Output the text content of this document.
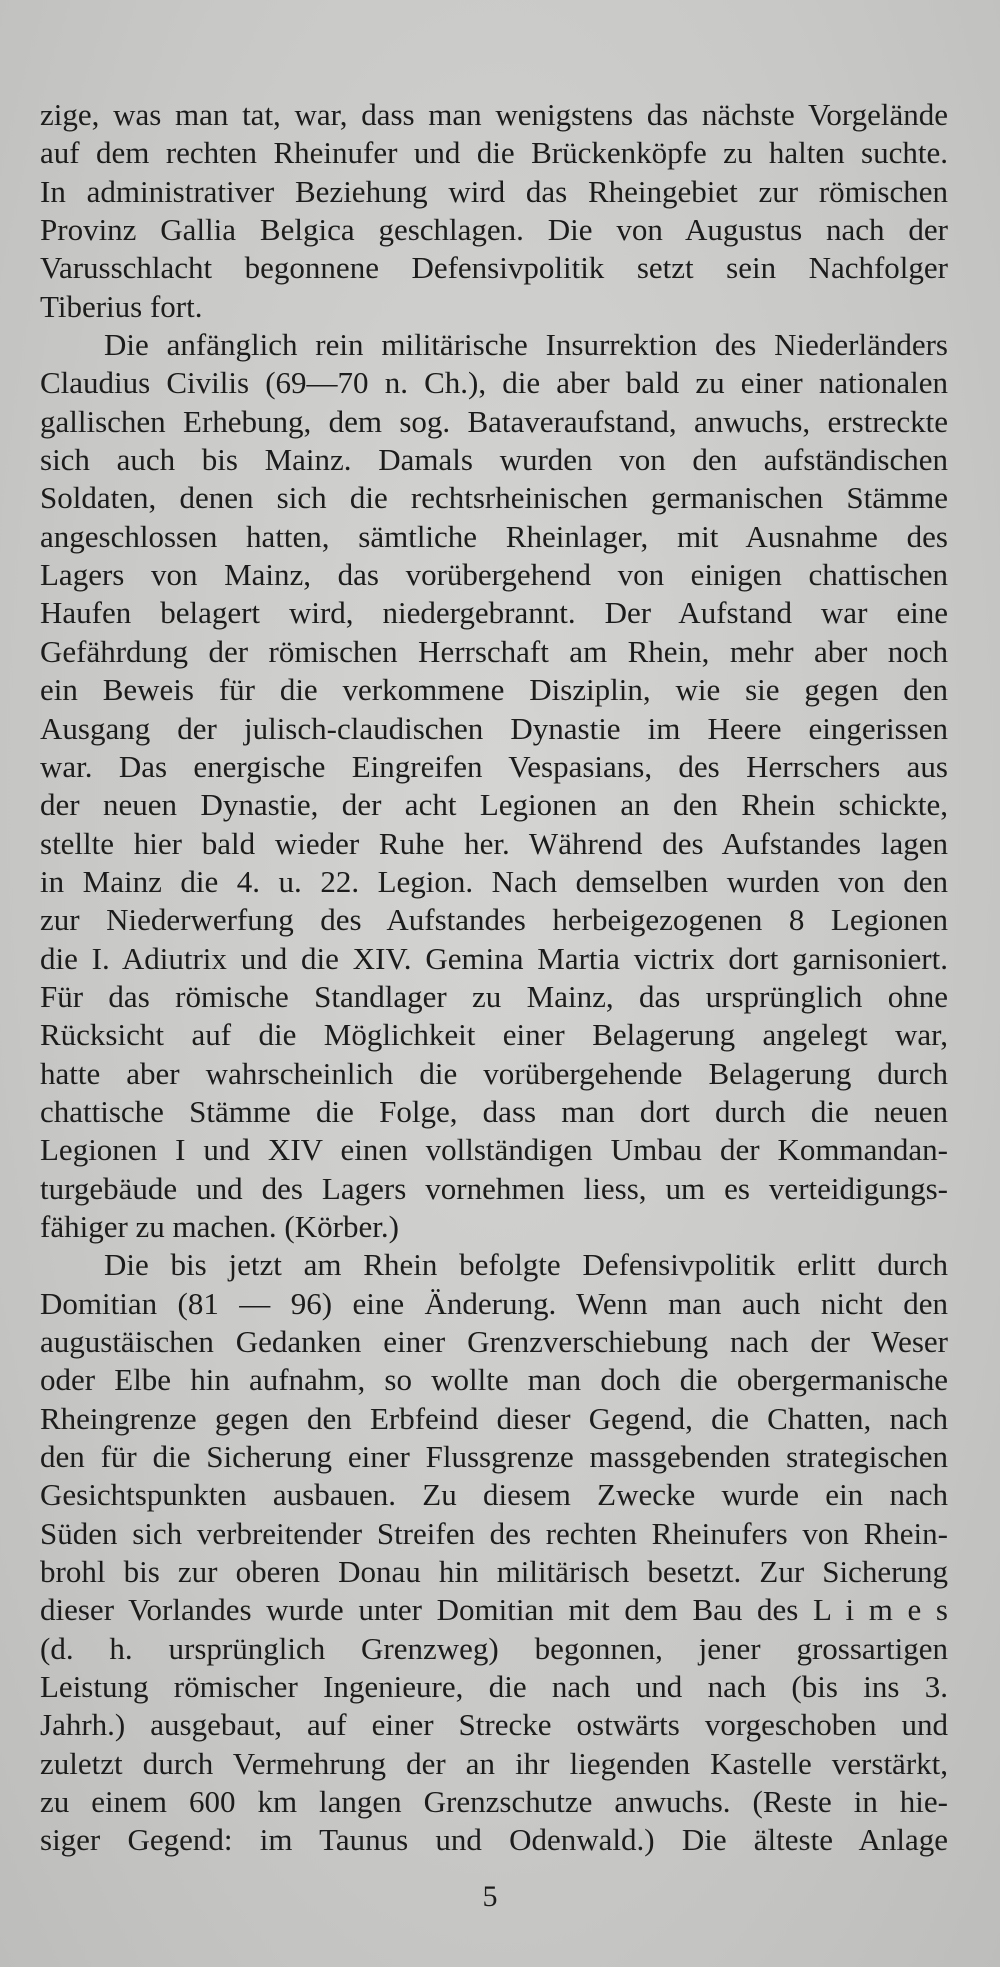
zige, was man tat, war, dass man wenigstens das nächste Vorgelände
auf dem rechten Rheinufer und die Brückenköpfe zu halten suchte.
In administrativer Beziehung wird das Rheingebiet zur römischen
Provinz Gallia Belgica geschlagen. Die von Augustus nach der
Varusschlacht begonnene Defensivpolitik setzt sein Nachfolger
Tiberius fort.
Die anfänglich rein militärische Insurrektion des Niederländers
Claudius Civilis (69—70 n. Ch.), die aber bald zu einer nationalen
gallischen Erhebung, dem sog. Bataveraufstand, anwuchs, erstreckte
sich auch bis Mainz. Damals wurden von den aufständischen
Soldaten, denen sich die rechtsrheinischen germanischen Stämme
angeschlossen hatten, sämtliche Rheinlager, mit Ausnahme des
Lagers von Mainz, das vorübergehend von einigen chattischen
Haufen belagert wird, niedergebrannt. Der Aufstand war eine
Gefährdung der römischen Herrschaft am Rhein, mehr aber noch
ein Beweis für die verkommene Disziplin, wie sie gegen den
Ausgang der julisch-claudischen Dynastie im Heere eingerissen
war. Das energische Eingreifen Vespasians, des Herrschers aus
der neuen Dynastie, der acht Legionen an den Rhein schickte,
stellte hier bald wieder Ruhe her. Während des Aufstandes lagen
in Mainz die 4. u. 22. Legion. Nach demselben wurden von den
zur Niederwerfung des Aufstandes herbeigezogenen 8 Legionen
die I. Adiutrix und die XIV. Gemina Martia victrix dort garnisoniert.
Für das römische Standlager zu Mainz, das ursprünglich ohne
Rücksicht auf die Möglichkeit einer Belagerung angelegt war,
hatte aber wahrscheinlich die vorübergehende Belagerung durch
chattische Stämme die Folge, dass man dort durch die neuen
Legionen I und XIV einen vollständigen Umbau der Kommandan-
turgebäude und des Lagers vornehmen liess, um es verteidigungs-
fähiger zu machen. (Körber.)
Die bis jetzt am Rhein befolgte Defensivpolitik erlitt durch
Domitian (81 — 96) eine Änderung. Wenn man auch nicht den
augustäischen Gedanken einer Grenzverschiebung nach der Weser
oder Elbe hin aufnahm, so wollte man doch die obergermanische
Rheingrenze gegen den Erbfeind dieser Gegend, die Chatten, nach
den für die Sicherung einer Flussgrenze massgebenden strategischen
Gesichtspunkten ausbauen. Zu diesem Zwecke wurde ein nach
Süden sich verbreitender Streifen des rechten Rheinufers von Rhein-
brohl bis zur oberen Donau hin militärisch besetzt. Zur Sicherung
dieser Vorlandes wurde unter Domitian mit dem Bau des L i m e s
(d. h. ursprünglich Grenzweg) begonnen, jener grossartigen
Leistung römischer Ingenieure, die nach und nach (bis ins 3.
Jahrh.) ausgebaut, auf einer Strecke ostwärts vorgeschoben und
zuletzt durch Vermehrung der an ihr liegenden Kastelle verstärkt,
zu einem 600 km langen Grenzschutze anwuchs. (Reste in hie-
siger Gegend: im Taunus und Odenwald.) Die älteste Anlage
5
